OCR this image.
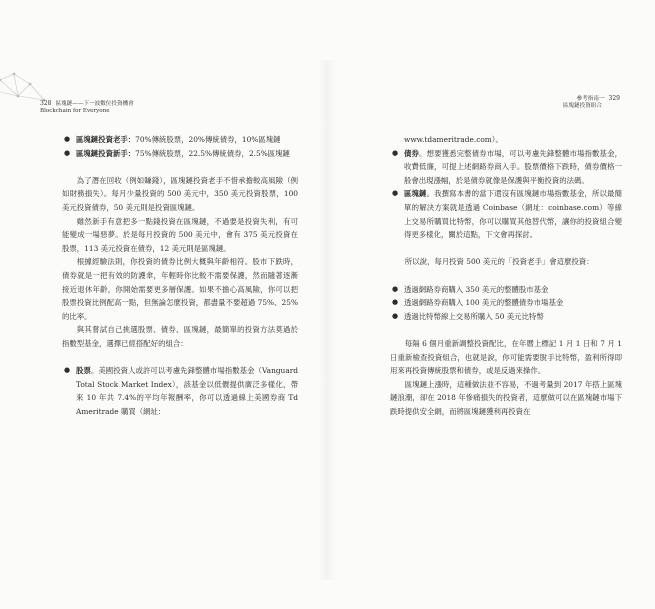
328 區塊鏈——下一波數位投資機會
Blockchain for Everyone
參考指南一 329
區塊鏈投資組合
● 區塊鏈投資老手：70%傳統股票，20%傳統債券，10%區塊鏈
● 區塊鏈投資新手：75%傳統股票，22.5%傳統債券，2.5%區塊鏈

為了潛在回收（例如賺錢），區塊鏈投資老手不惜承擔較高風險（例如財務損失）。每月少量投資的 500 美元中，350 美元投資股票，100 美元投資債券，50 美元則是投資區塊鏈。

雖然新手有意把多一點錢投資在區塊鏈，不過要是投資失利，有可能變成一場惡夢。於是每月投資的 500 美元中，會有 375 美元投資在股票，113 美元投資在債券，12 美元則是區塊鏈。

根據經驗法則，你投資的債券比例大概與年齡相符。股市下跌時，債券就是一把有效的防護傘，年輕時你比較不需要保護，然而隨著逐漸接近退休年齡，你開始需要更多層保護。如果不擔心高風險，你可以把股票投資比例配高一點，但無論怎麼投資，都盡量不要超過 75%、25%的比率。

與其嘗試自己挑選股票、債券、區塊鏈，最簡單的投資方法莫過於指數型基金，選擇已經搭配好的組合：

● 股票。美國投資人或許可以考慮先鋒整體市場指數基金（Vanguard Total Stock Market Index），該基金以低價提供廣泛多樣化，帶來 10 年共 7.4%的平均年報酬率，你可以透過線上美國券商 Td Ameritrade 購買（網址：

www.tdameritrade.com）。

● 債券。想要獲悉完整債券市場，可以考慮先鋒整體市場指數基金，收費低廉，可提上述網路券商入手。股票價格下跌時，債券價格一般會出現漲幅，於是債券就像是保護與平衡投資的法碼。
● 區塊鏈。我撰寫本書的當下還沒有區塊鏈市場指數基金，所以最簡單的解決方案就是透過 Coinbase（網址：coinbase.com）等線上交易所購買比特幣，你可以購買其他替代幣，讓你的投資組合變得更多樣化，關於這點，下文會再探討。

所以說，每月投資 500 美元的「投資老手」會這麼投資：

● 透過網路券商購入 350 美元的整體股市基金
● 透過網路券商購入 100 美元的整體債券市場基金
● 透過比特幣線上交易所購入 50 美元比特幣

每隔 6 個月重新調整投資配比，在年曆上標記 1 月 1 日和 7 月 1 日重新檢查投資組合，也就是說，你可能需要脫手比特幣，盈利所得即用來再投資傳統股票和債券，或是反過來操作。

區塊鏈上漲時，這種做法並不容易，不過考量到 2017 年搭上區塊鏈浪潮，卻在 2018 年慘痛損失的投資者，這麼做可以在區塊鏈市場下跌時提供安全網，而將區塊鏈獲利再投資在
